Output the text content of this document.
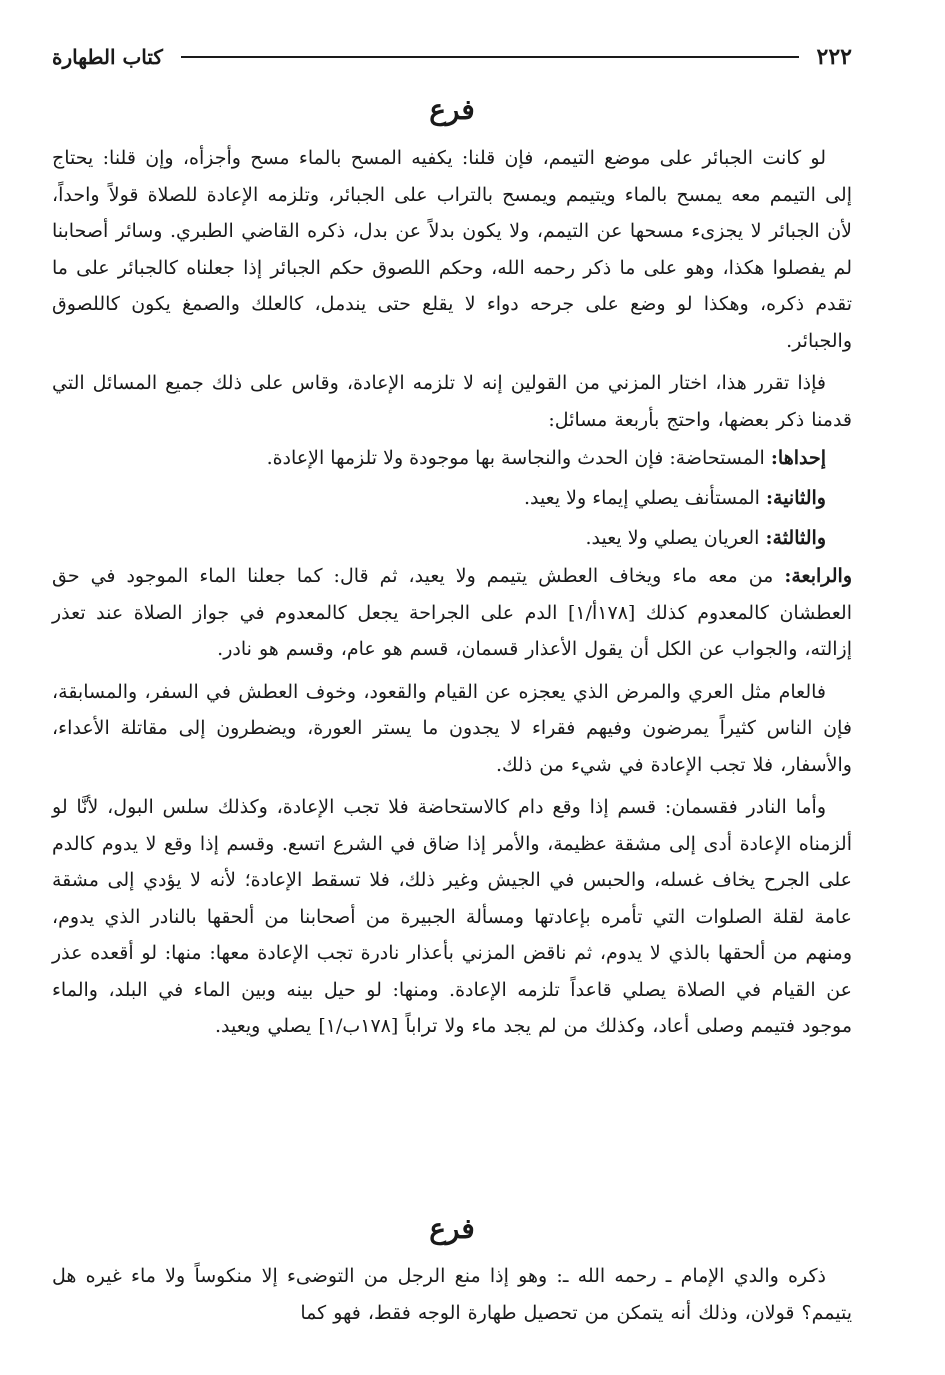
٢٢٢
كتاب الطهارة
فرع

لو كانت الجبائر على موضع التيمم، فإن قلنا: يكفيه المسح بالماء مسح وأجزأه، وإن قلنا: يحتاج إلى التيمم معه يمسح بالماء ويتيمم ويمسح بالتراب على الجبائر، وتلزمه الإعادة للصلاة قولاً واحداً، لأن الجبائر لا يجزىء مسحها عن التيمم، ولا يكون بدلاً عن بدل، ذكره القاضي الطبري. وسائر أصحابنا لم يفصلوا هكذا، وهو على ما ذكر رحمه الله، وحكم اللصوق حكم الجبائر إذا جعلناه كالجبائر على ما تقدم ذكره، وهكذا لو وضع على جرحه دواء لا يقلع حتى يندمل، كالعلك والصمغ يكون كاللصوق والجبائر.

فإذا تقرر هذا، اختار المزني من القولين إنه لا تلزمه الإعادة، وقاس على ذلك جميع المسائل التي قدمنا ذكر بعضها، واحتج بأربعة مسائل:

إحداها: المستحاضة: فإن الحدث والنجاسة بها موجودة ولا تلزمها الإعادة.

والثانية: المستأنف يصلي إيماء ولا يعيد.

والثالثة: العريان يصلي ولا يعيد.

والرابعة: من معه ماء ويخاف العطش يتيمم ولا يعيد، ثم قال: كما جعلنا الماء الموجود في حق العطشان كالمعدوم كذلك [١٧٨أ/١] الدم على الجراحة يجعل كالمعدوم في جواز الصلاة عند تعذر إزالته، والجواب عن الكل أن يقول الأعذار قسمان، قسم هو عام، وقسم هو نادر.

فالعام مثل العري والمرض الذي يعجزه عن القيام والقعود، وخوف العطش في السفر، والمسابقة، فإن الناس كثيراً يمرضون وفيهم فقراء لا يجدون ما يستر العورة، ويضطرون إلى مقاتلة الأعداء، والأسفار، فلا تجب الإعادة في شيء من ذلك.

وأما النادر فقسمان: قسم إذا وقع دام كالاستحاضة فلا تجب الإعادة، وكذلك سلس البول، لأنَّا لو ألزمناه الإعادة أدى إلى مشقة عظيمة، والأمر إذا ضاق في الشرع اتسع. وقسم إذا وقع لا يدوم كالدم على الجرح يخاف غسله، والحبس في الجيش وغير ذلك، فلا تسقط الإعادة؛ لأنه لا يؤدي إلى مشقة عامة لقلة الصلوات التي تأمره بإعادتها ومسألة الجبيرة من أصحابنا من ألحقها بالنادر الذي يدوم، ومنهم من ألحقها بالذي لا يدوم، ثم ناقض المزني بأعذار نادرة تجب الإعادة معها: منها: لو أقعده عذر عن القيام في الصلاة يصلي قاعداً تلزمه الإعادة. ومنها: لو حيل بينه وبين الماء في البلد، والماء موجود فتيمم وصلى أعاد، وكذلك من لم يجد ماء ولا تراباً [١٧٨ب/١] يصلي ويعيد.

فرع

ذكره والدي الإمام ـ رحمه الله ـ: وهو إذا منع الرجل من التوضىء إلا منكوساً ولا ماء غيره هل يتيمم؟ قولان، وذلك أنه يتمكن من تحصيل طهارة الوجه فقط، فهو كما
